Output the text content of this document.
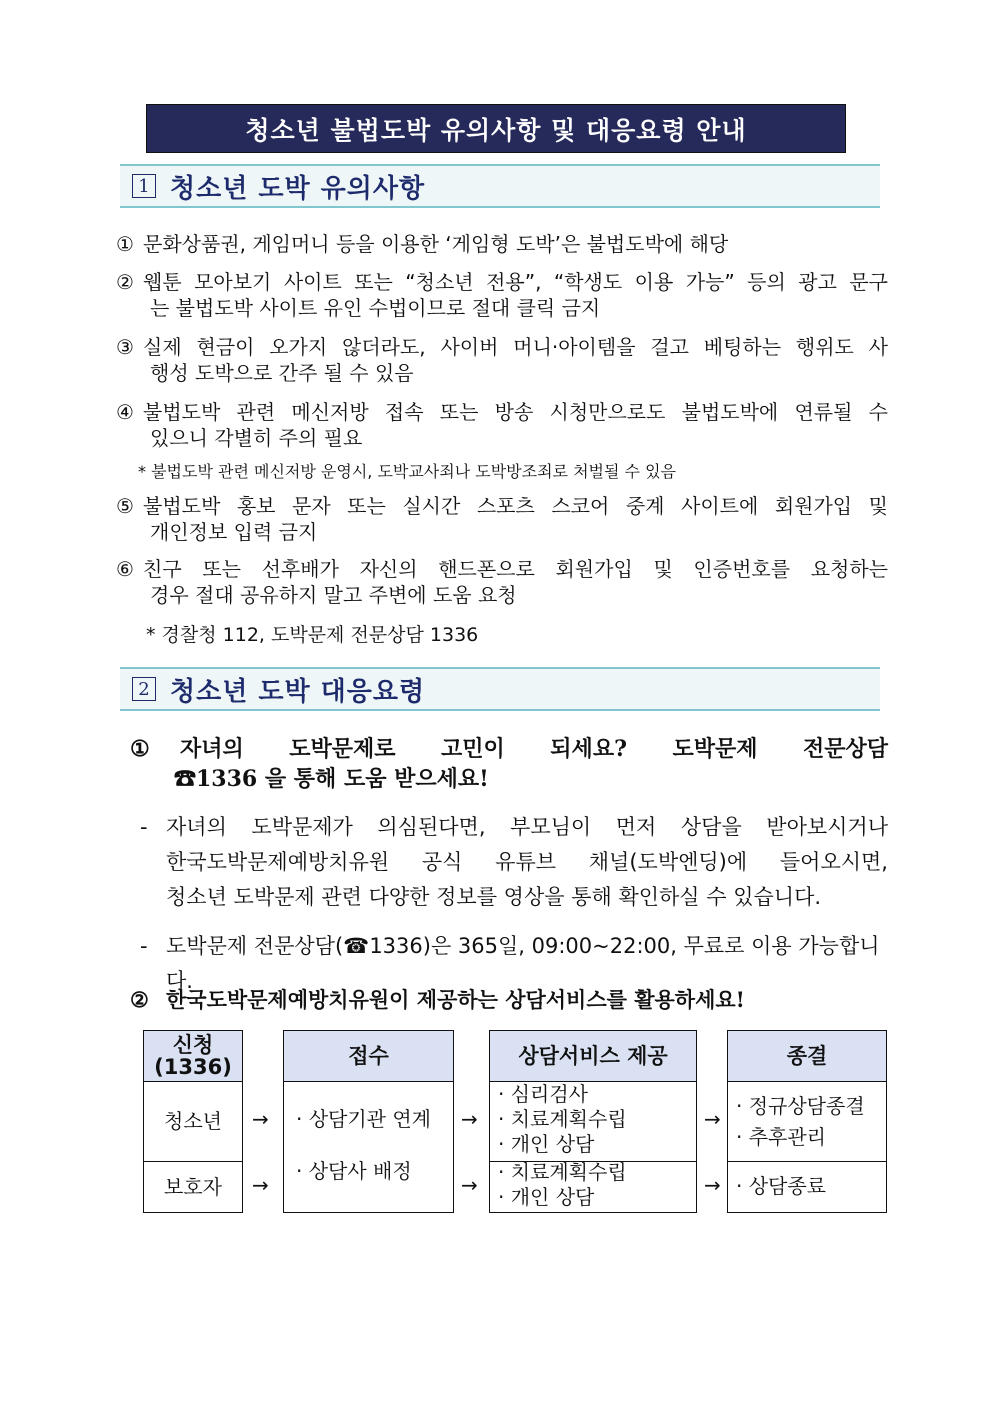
청소년 불법도박 유의사항 및 대응요령 안내
1 청소년 도박 유의사항
① 문화상품권, 게임머니 등을 이용한 ‘게임형 도박’은 불법도박에 해당
② 웹툰 모아보기 사이트 또는 “청소년 전용”, “학생도 이용 가능” 등의 광고 문구
는 불법도박 사이트 유인 수법이므로 절대 클릭 금지
③ 실제 현금이 오가지 않더라도, 사이버 머니·아이템을 걸고 베팅하는 행위도 사
행성 도박으로 간주 될 수 있음
④ 불법도박 관련 메신저방 접속 또는 방송 시청만으로도 불법도박에 연류될 수
있으니 각별히 주의 필요
* 불법도박 관련 메신저방 운영시, 도박교사죄나 도박방조죄로 처벌될 수 있음
⑤ 불법도박 홍보 문자 또는 실시간 스포츠 스코어 중계 사이트에 회원가입 및
개인정보 입력 금지
⑥ 친구 또는 선후배가 자신의 핸드폰으로 회원가입 및 인증번호를 요청하는
경우 절대 공유하지 말고 주변에 도움 요청
* 경찰청 112, 도박문제 전문상담 1336
2 청소년 도박 대응요령
①	자녀의 도박문제로 고민이 되세요? 도박문제 전문상담
☎1336 을 통해 도움 받으세요!
- 자녀의 도박문제가 의심된다면, 부모님이 먼저 상담을 받아보시거나
한국도박문제예방치유원 공식 유튜브 채널(도박엔딩)에 들어오시면,
청소년 도박문제 관련 다양한 정보를 영상을 통해 확인하실 수 있습니다.
- 도박문제 전문상담(☎1336)은 365일, 09:00~22:00, 무료로 이용 가능합니다.
② 한국도박문제예방치유원이 제공하는 상담서비스를 활용하세요!
신청
(1336)
청소년
보호자
→
→
접수
· 상담기관 연계
· 상담사 배정
→
→
상담서비스 제공
· 심리검사
· 치료계획수립
· 개인 상담
· 치료계획수립
· 개인 상담
→
→
종결
· 정규상담종결
· 추후관리
· 상담종료
